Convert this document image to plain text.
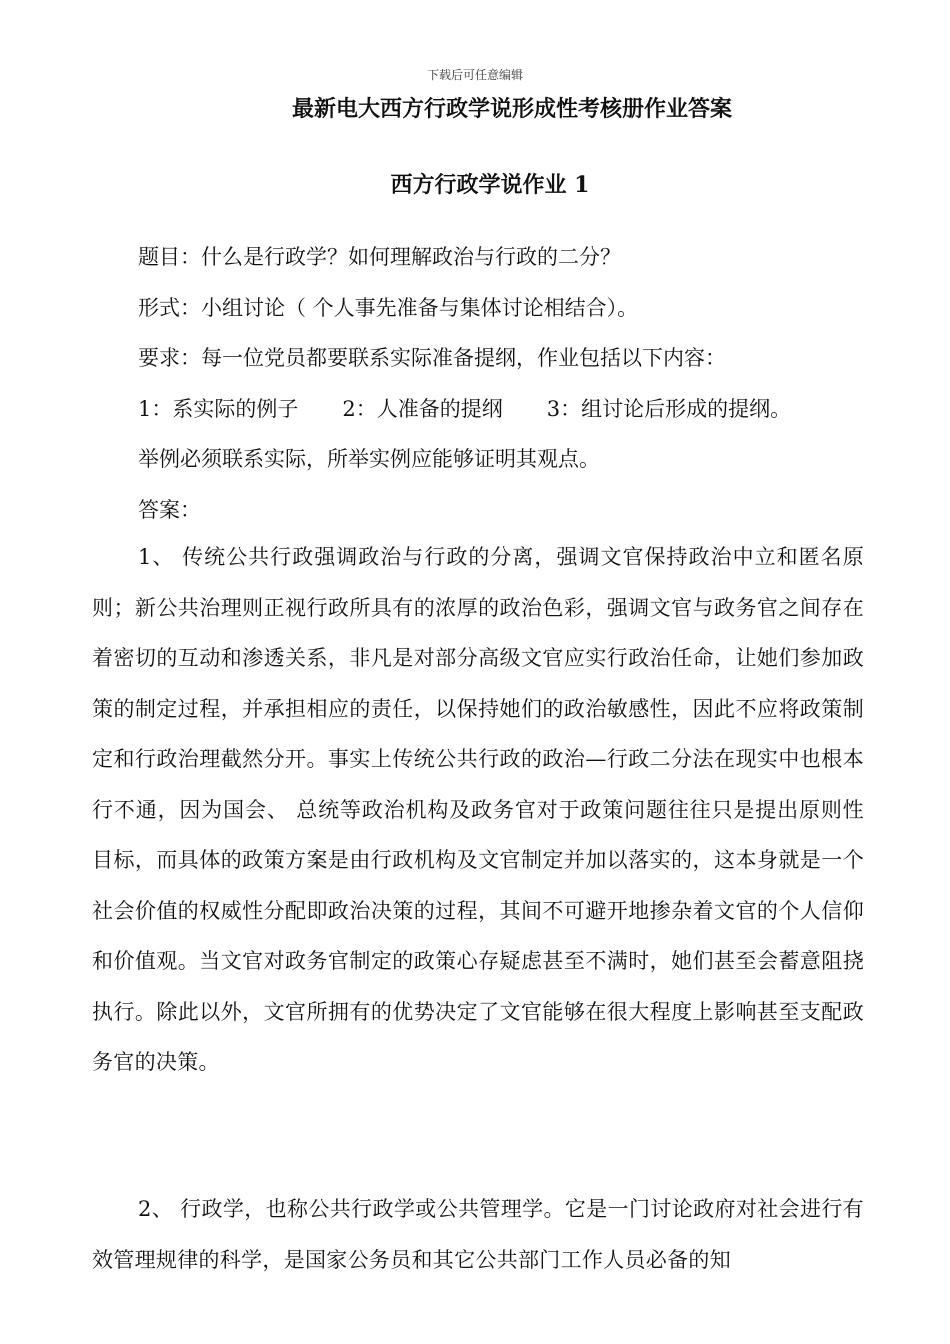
下载后可任意编辑
最新电大西方行政学说形成性考核册作业答案
西方行政学说作业 1

题目：什么是行政学？如何理解政治与行政的二分？

形式：小组讨论（ 个人事先准备与集体讨论相结合）。

要求：每一位党员都要联系实际准备提纲，作业包括以下内容：

1：系实际的例子 2：人准备的提纲 3：组讨论后形成的提纲。

举例必须联系实际，所举实例应能够证明其观点。

答案：

1、 传统公共行政强调政治与行政的分离，强调文官保持政治中立和匿名原则；新公共治理则正视行政所具有的浓厚的政治色彩，强调文官与政务官之间存在着密切的互动和渗透关系，非凡是对部分高级文官应实行政治任命，让她们参加政策的制定过程，并承担相应的责任，以保持她们的政治敏感性，因此不应将政策制定和行政治理截然分开。事实上传统公共行政的政治—行政二分法在现实中也根本行不通，因为国会、 总统等政治机构及政务官对于政策问题往往只是提出原则性目标，而具体的政策方案是由行政机构及文官制定并加以落实的，这本身就是一个社会价值的权威性分配即政治决策的过程，其间不可避开地掺杂着文官的个人信仰和价值观。当文官对政务官制定的政策心存疑虑甚至不满时，她们甚至会蓄意阻挠执行。除此以外，文官所拥有的优势决定了文官能够在很大程度上影响甚至支配政务官的决策。

2、 行政学，也称公共行政学或公共管理学。它是一门讨论政府对社会进行有效管理规律的科学，是国家公务员和其它公共部门工作人员必备的知
